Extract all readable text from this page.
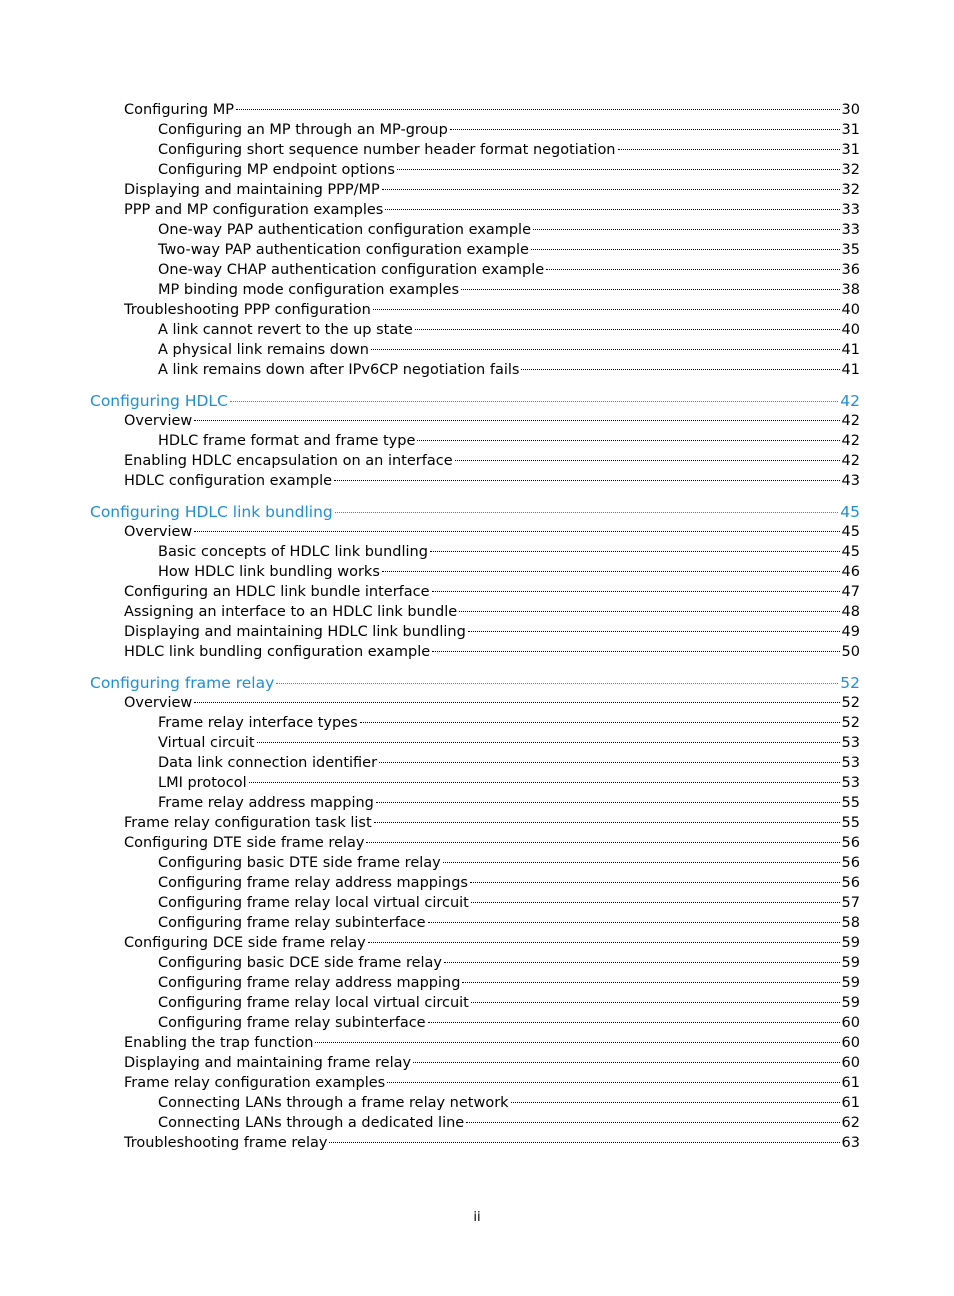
Configuring MP	30
Configuring an MP through an MP-group	31
Configuring short sequence number header format negotiation	31
Configuring MP endpoint options	32
Displaying and maintaining PPP/MP	32
PPP and MP configuration examples	33
One-way PAP authentication configuration example	33
Two-way PAP authentication configuration example	35
One-way CHAP authentication configuration example	36
MP binding mode configuration examples	38
Troubleshooting PPP configuration	40
A link cannot revert to the up state	40
A physical link remains down	41
A link remains down after IPv6CP negotiation fails	41
Configuring HDLC	42
Overview	42
HDLC frame format and frame type	42
Enabling HDLC encapsulation on an interface	42
HDLC configuration example	43
Configuring HDLC link bundling	45
Overview	45
Basic concepts of HDLC link bundling	45
How HDLC link bundling works	46
Configuring an HDLC link bundle interface	47
Assigning an interface to an HDLC link bundle	48
Displaying and maintaining HDLC link bundling	49
HDLC link bundling configuration example	50
Configuring frame relay	52
Overview	52
Frame relay interface types	52
Virtual circuit	53
Data link connection identifier	53
LMI protocol	53
Frame relay address mapping	55
Frame relay configuration task list	55
Configuring DTE side frame relay	56
Configuring basic DTE side frame relay	56
Configuring frame relay address mappings	56
Configuring frame relay local virtual circuit	57
Configuring frame relay subinterface	58
Configuring DCE side frame relay	59
Configuring basic DCE side frame relay	59
Configuring frame relay address mapping	59
Configuring frame relay local virtual circuit	59
Configuring frame relay subinterface	60
Enabling the trap function	60
Displaying and maintaining frame relay	60
Frame relay configuration examples	61
Connecting LANs through a frame relay network	61
Connecting LANs through a dedicated line	62
Troubleshooting frame relay	63
ii
